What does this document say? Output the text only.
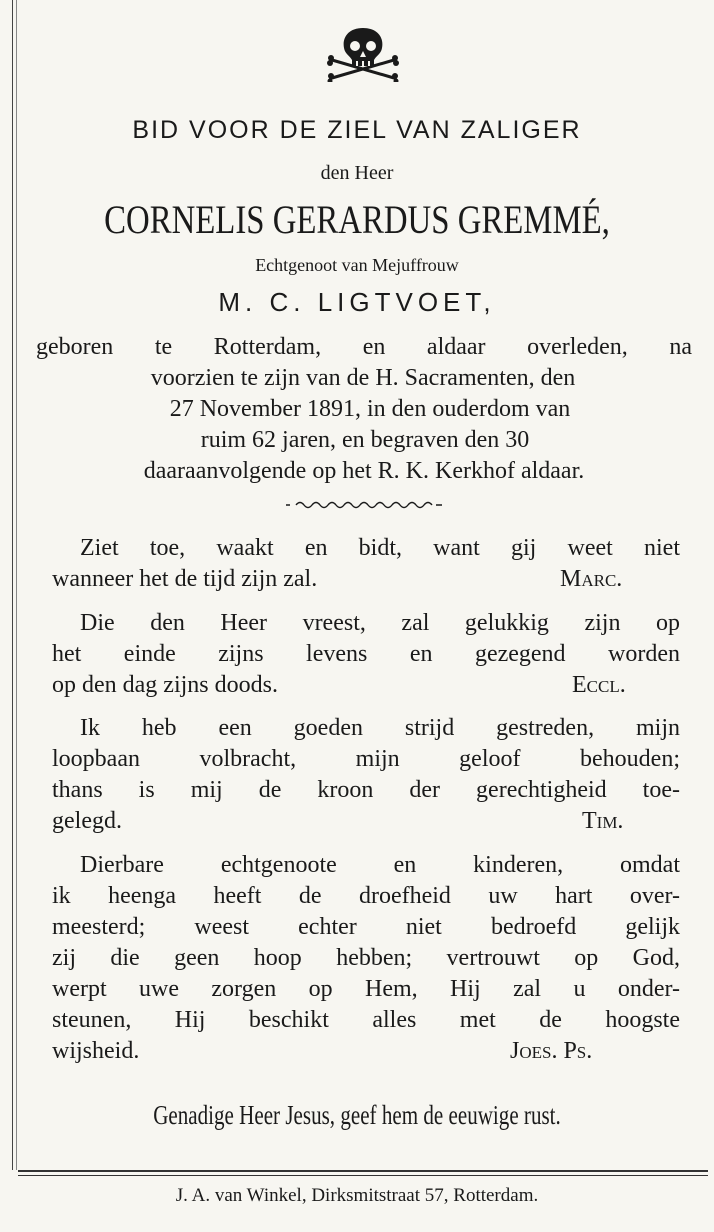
BID VOOR DE ZIEL VAN ZALIGER
den Heer
CORNELIS GERARDUS GREMMÉ,
Echtgenoot van Mejuffrouw
M. C. LIGTVOET,
geboren te Rotterdam, en aldaar overleden, na
voorzien te zijn van de H. Sacramenten, den
27 November 1891, in den ouderdom van
ruim 62 jaren, en begraven den 30
daaraanvolgende op het R. K. Kerkhof aldaar.
Ziet toe, waakt en bidt, want gij weet niet
wanneer het de tijd zijn zal.	Marc.
Die den Heer vreest, zal gelukkig zijn op
het einde zijns levens en gezegend worden
op den dag zijns doods.	Eccl.
Ik heb een goeden strijd gestreden, mijn
loopbaan volbracht, mijn geloof behouden;
thans is mij de kroon der gerechtigheid toe-
gelegd.	Tim.
Dierbare echtgenoote en kinderen, omdat
ik heenga heeft de droefheid uw hart over-
meesterd; weest echter niet bedroefd gelijk
zij die geen hoop hebben; vertrouwt op God,
werpt uwe zorgen op Hem, Hij zal u onder-
steunen, Hij beschikt alles met de hoogste
wijsheid.	Joes. Ps.
Genadige Heer Jesus, geef hem de eeuwige rust.
J. A. van Winkel, Dirksmitstraat 57, Rotterdam.
